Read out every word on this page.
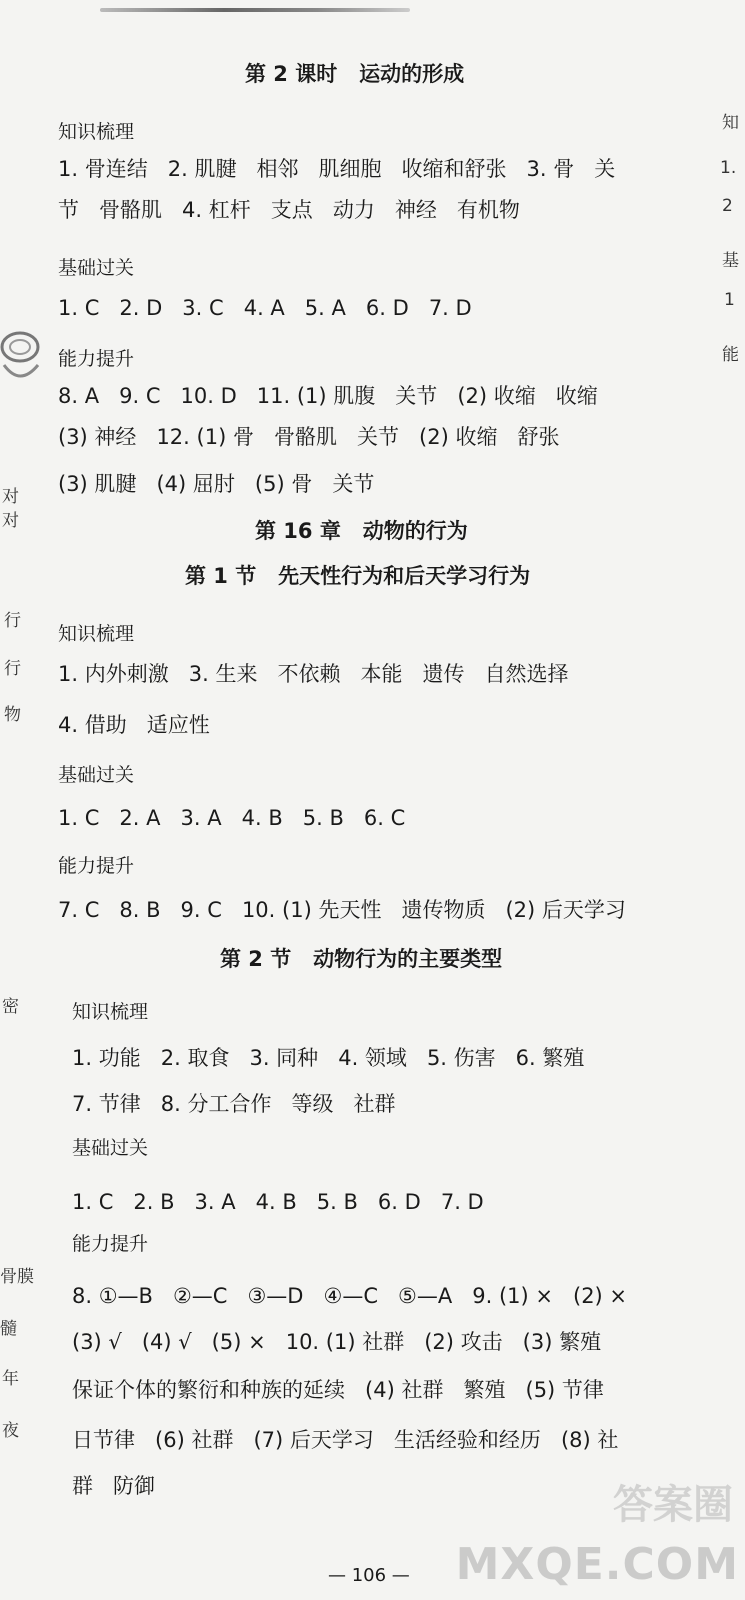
第 2 课时   运动的形成
知识梳理
1. 骨连结   2. 肌腱   相邻   肌细胞   收缩和舒张   3. 骨   关
节   骨骼肌   4. 杠杆   支点   动力   神经   有机物
基础过关
1. C   2. D   3. C   4. A   5. A   6. D   7. D
能力提升
8. A   9. C   10. D   11. (1) 肌腹   关节   (2) 收缩   收缩
(3) 神经   12. (1) 骨   骨骼肌   关节   (2) 收缩   舒张
(3) 肌腱   (4) 屈肘   (5) 骨   关节
第 16 章   动物的行为
第 1 节   先天性行为和后天学习行为
知识梳理
1. 内外刺激   3. 生来   不依赖   本能   遗传   自然选择
4. 借助   适应性
基础过关
1. C   2. A   3. A   4. B   5. B   6. C
能力提升
7. C   8. B   9. C   10. (1) 先天性   遗传物质   (2) 后天学习
第 2 节   动物行为的主要类型
知识梳理
1. 功能   2. 取食   3. 同种   4. 领域   5. 伤害   6. 繁殖
7. 节律   8. 分工合作   等级   社群
基础过关
1. C   2. B   3. A   4. B   5. B   6. D   7. D
能力提升
8. ①—B   ②—C   ③—D   ④—C   ⑤—A   9. (1) ×   (2) ×
(3) √   (4) √   (5) ×   10. (1) 社群   (2) 攻击   (3) 繁殖
保证个体的繁衍和种族的延续   (4) 社群   繁殖   (5) 节律
日节律   (6) 社群   (7) 后天学习   生活经验和经历   (8) 社
群   防御
对
对
行
行
物
密
骨膜
髓
年
夜
知
1.
2
基
1
能
— 106 —
答案圈
MXQE.COM
